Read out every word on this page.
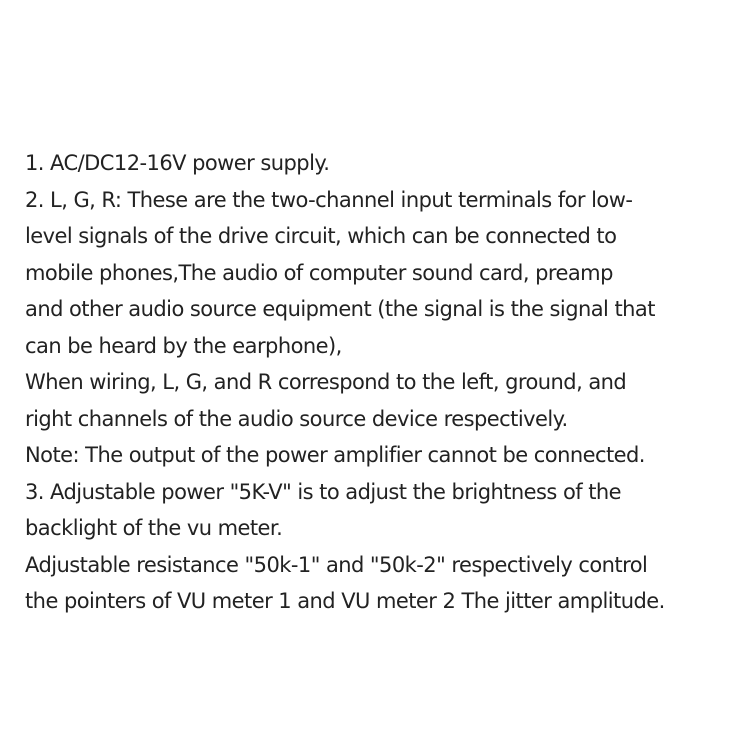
1. AC/DC12-16V power supply.
2. L, G, R: These are the two-channel input terminals for low-
level signals of the drive circuit, which can be connected to
mobile phones,The audio of computer sound card, preamp
and other audio source equipment (the signal is the signal that
can be heard by the earphone),
When wiring, L, G, and R correspond to the left, ground, and
right channels of the audio source device respectively.
Note: The output of the power amplifier cannot be connected.
3. Adjustable power "5K-V" is to adjust the brightness of the
backlight of the vu meter.
Adjustable resistance "50k-1" and "50k-2" respectively control
the pointers of VU meter 1 and VU meter 2 The jitter amplitude.
